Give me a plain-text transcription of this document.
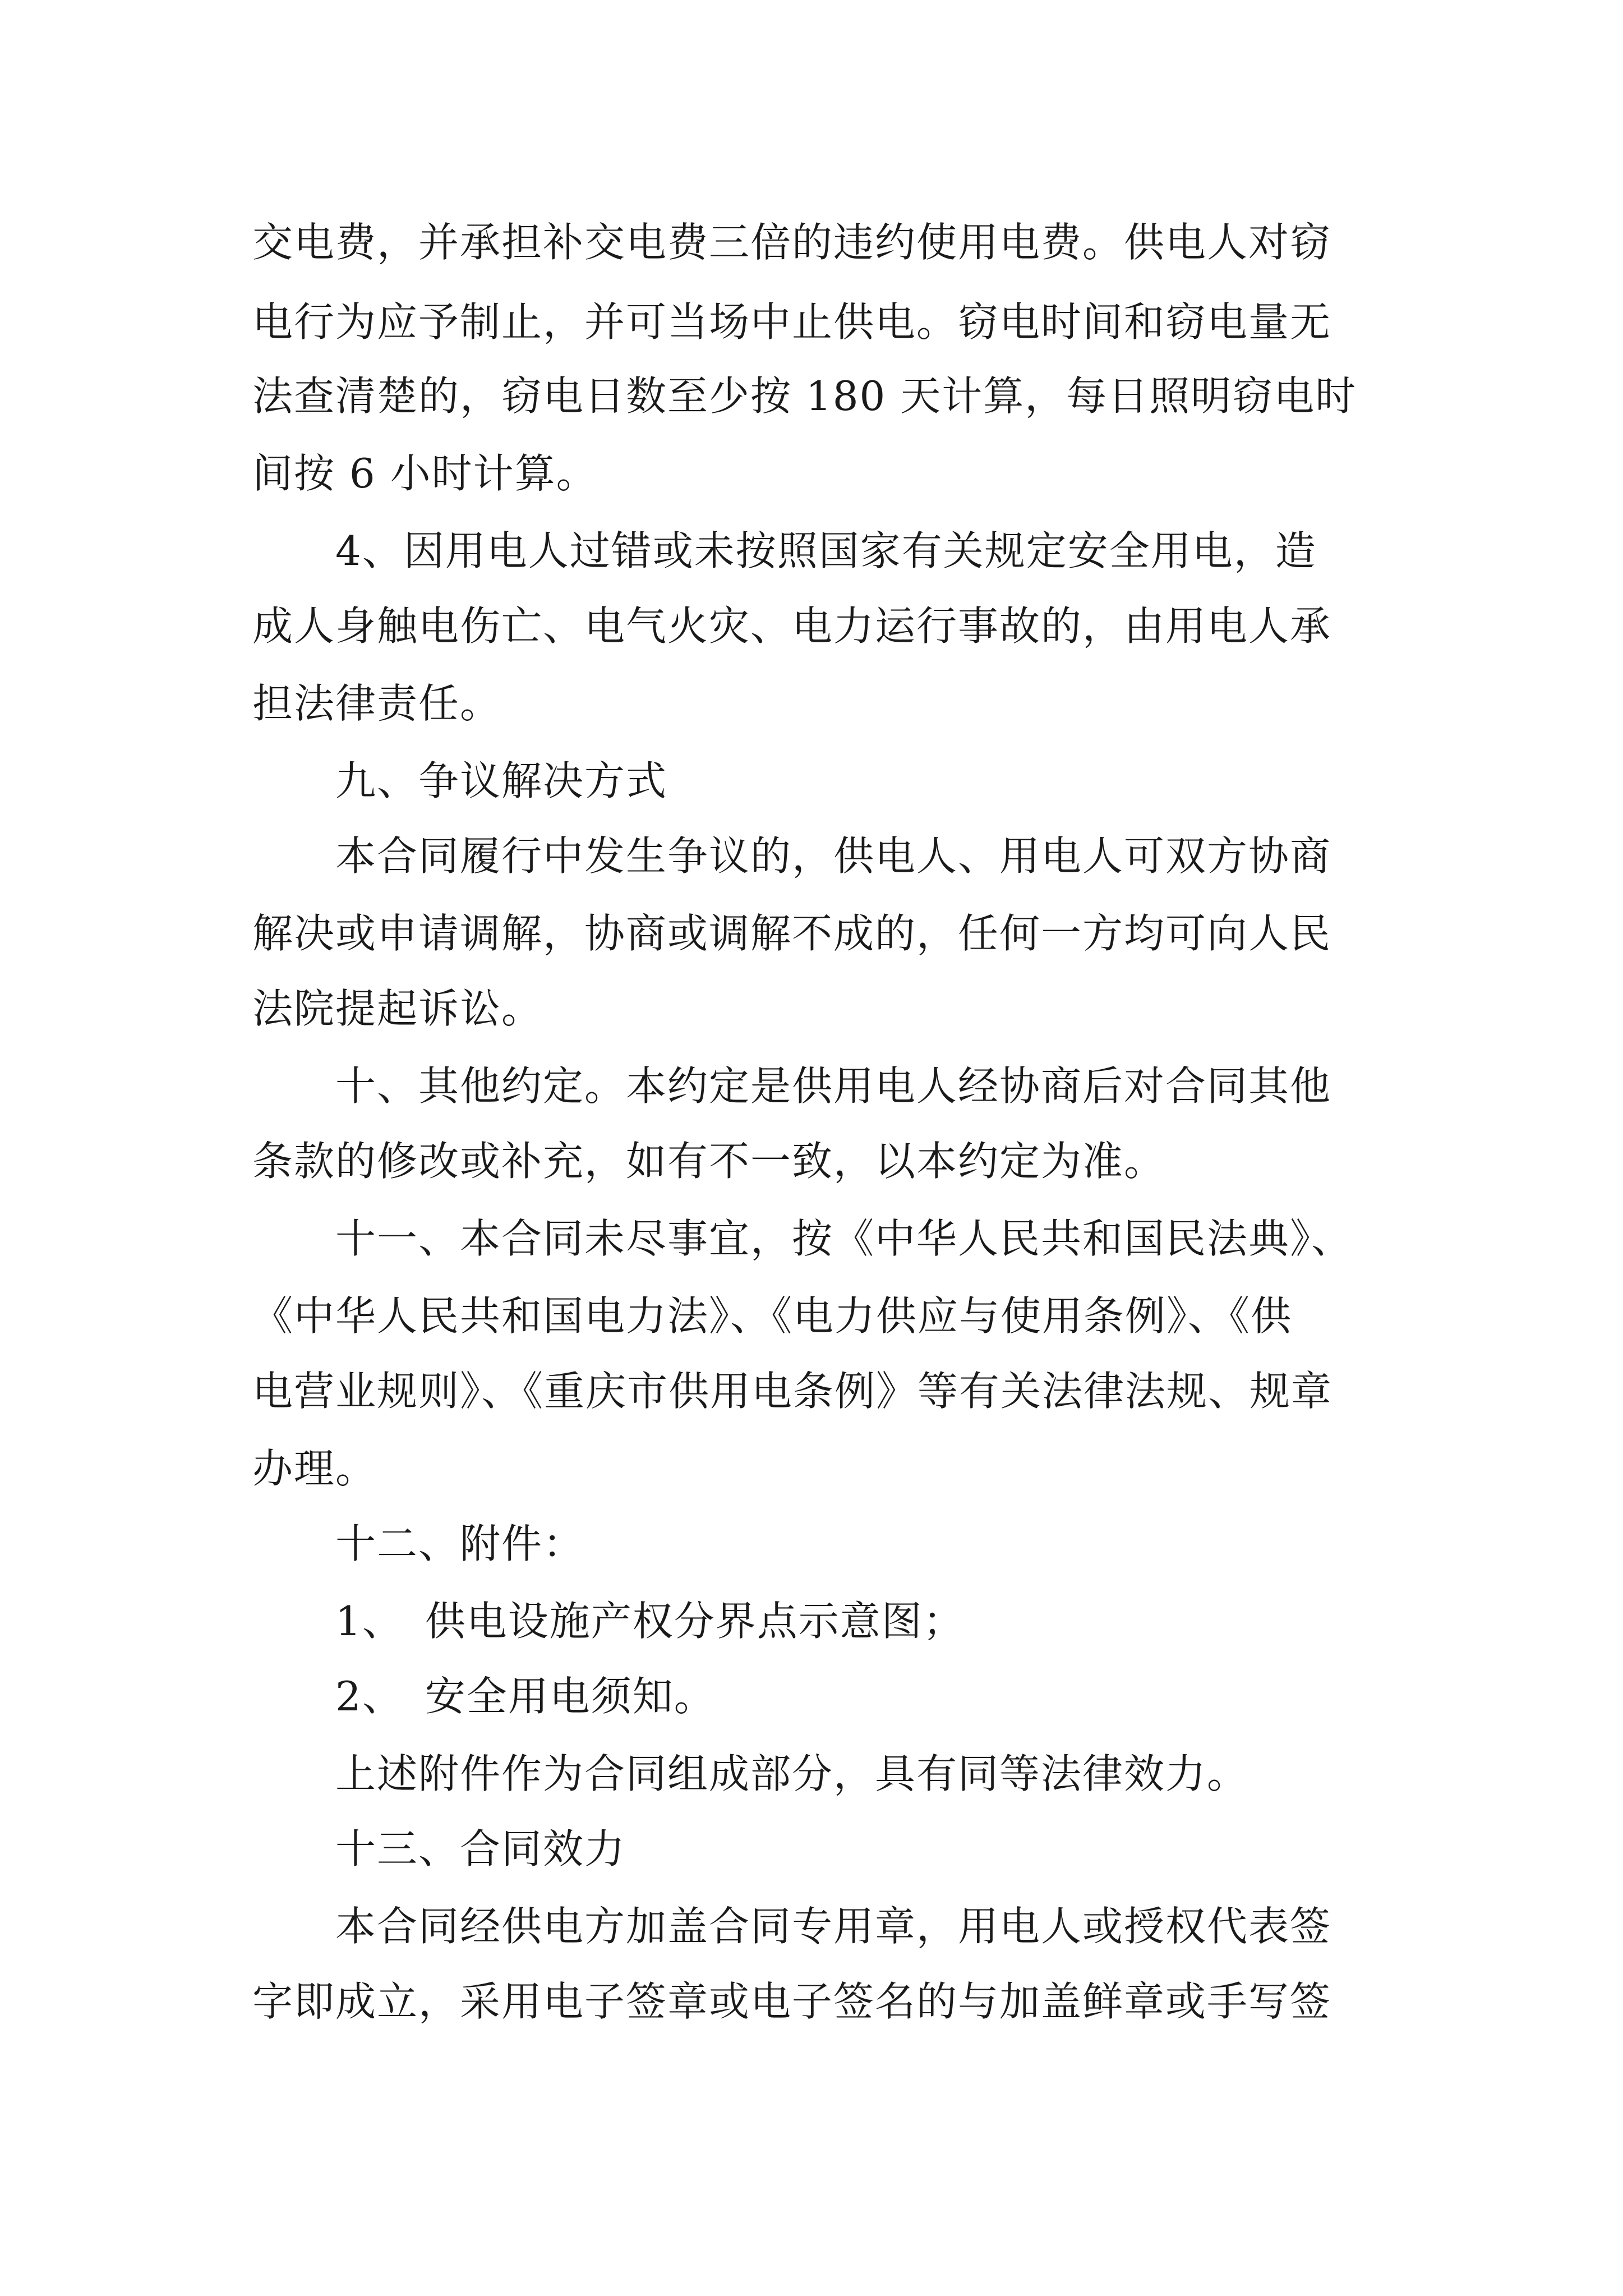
交电费，并承担补交电费三倍的违约使用电费。供电人对窃

电行为应予制止，并可当场中止供电。窃电时间和窃电量无

法查清楚的，窃电日数至少按 180 天计算，每日照明窃电时

间按 6 小时计算。

　　4、因用电人过错或未按照国家有关规定安全用电，造

成人身触电伤亡、电气火灾、电力运行事故的，由用电人承

担法律责任。

　　九、争议解决方式

　　本合同履行中发生争议的，供电人、用电人可双方协商

解决或申请调解，协商或调解不成的，任何一方均可向人民

法院提起诉讼。

　　十、其他约定。本约定是供用电人经协商后对合同其他

条款的修改或补充，如有不一致，以本约定为准。

　　十一、本合同未尽事宜，按《中华人民共和国民法典》、

《中华人民共和国电力法》、《电力供应与使用条例》、《供

电营业规则》、《重庆市供用电条例》等有关法律法规、规章

办理。

　　十二、附件：

　　1、　供电设施产权分界点示意图；

　　2、　安全用电须知。

　　上述附件作为合同组成部分，具有同等法律效力。

　　十三、合同效力

　　本合同经供电方加盖合同专用章，用电人或授权代表签

字即成立，采用电子签章或电子签名的与加盖鲜章或手写签
